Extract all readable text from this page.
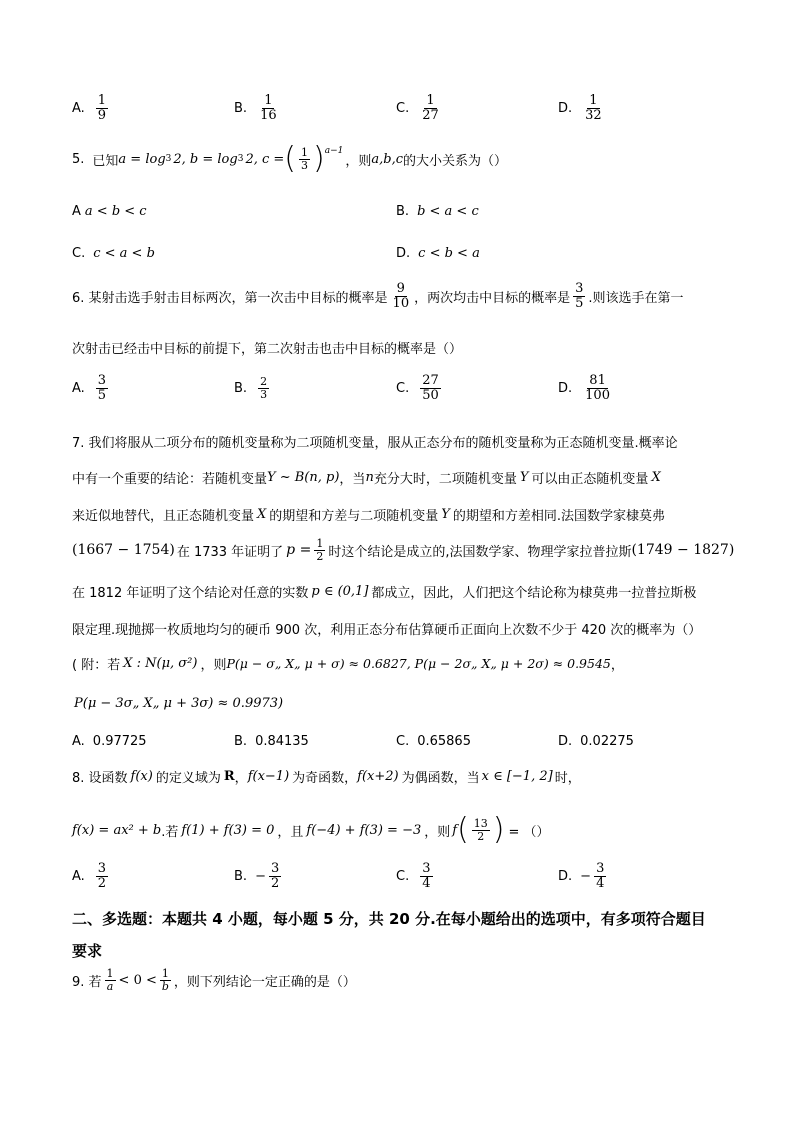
A. $\frac{1}{9}$	B. $\frac{1}{16}$	C. $\frac{1}{27}$	D. $\frac{1}{32}$
5. 已知 a = log 3 2, b = log 3 2, c = ( $\frac{1}{3}$ ) a−1
，则 a,b,c 的大小关系为（）
A a < b < c	B. b < a < c
C. c < a < b	D. c < b < a
6. 某射击选手射击目标两次，第一次击中目标的概率是 $\frac{9}{10}$ ，两次均击中目标的概率是 $\frac{3}{5}$ .则该选手在第一
次射击已经击中目标的前提下，第二次射击也击中目标的概率是（）
A. $\frac{3}{5}$	B. $\frac{2}{3}$	C. $\frac{27}{50}$	D. $\frac{81}{100}$
7. 我们将服从二项分布的随机变量称为二项随机变量，服从正态分布的随机变量称为正态随机变量.概率论
中有一个重要的结论：若随机变量 Y ~ B(n, p) ，当 n 充分大时，二项随机变量 Y 可以由正态随机变量 X
来近似地替代，且正态随机变量 X 的期望和方差与二项随机变量 Y 的期望和方差相同.法国数学家棣莫弗
(1667 − 1754) 在 1733 年证明了 $p = \frac{1}{2}$ 时这个结论是成立的,法国数学家、物理学家拉普拉斯 (1749 − 1827)
在 1812 年证明了这个结论对任意的实数 p ∈ (0,1] 都成立，因此，人们把这个结论称为棣莫弗一拉普拉斯极
限定理.现抛掷一枚质地均匀的硬币 900 次，利用正态分布估算硬币正面向上次数不少于 420 次的概率为（）
( 附：若 X : N(μ, σ²) ，则 P(μ − σ„ X„ μ + σ) ≈ 0.6827, P(μ − 2σ„ X„ μ + 2σ) ≈ 0.9545 ，
P(μ − 3σ„ X„ μ + 3σ) ≈ 0.9973)
A. 0.97725	B. 0.84135	C. 0.65865	D. 0.02275
8. 设函数 f(x) 的定义域为 R ， f(x−1) 为奇函数， f(x+2) 为偶函数，当 x ∈ [−1, 2] 时，
f(x) = ax² + b .若 f(1) + f(3) = 0 ，且 f(−4) + f(3) = −3 ，则 f ( $\frac{13}{2}$ ) = （）
A. $\frac{3}{2}$	B. − $\frac{3}{2}$	C. $\frac{3}{4}$	D. − $\frac{3}{4}$
二、多选题：本题共 4 小题，每小题 5 分，共 20 分.在每小题给出的选项中，有多项符合题目
要求
9. 若 $\frac{1}{a} < 0 < \frac{1}{b}$ ，则下列结论一定正确的是（）
